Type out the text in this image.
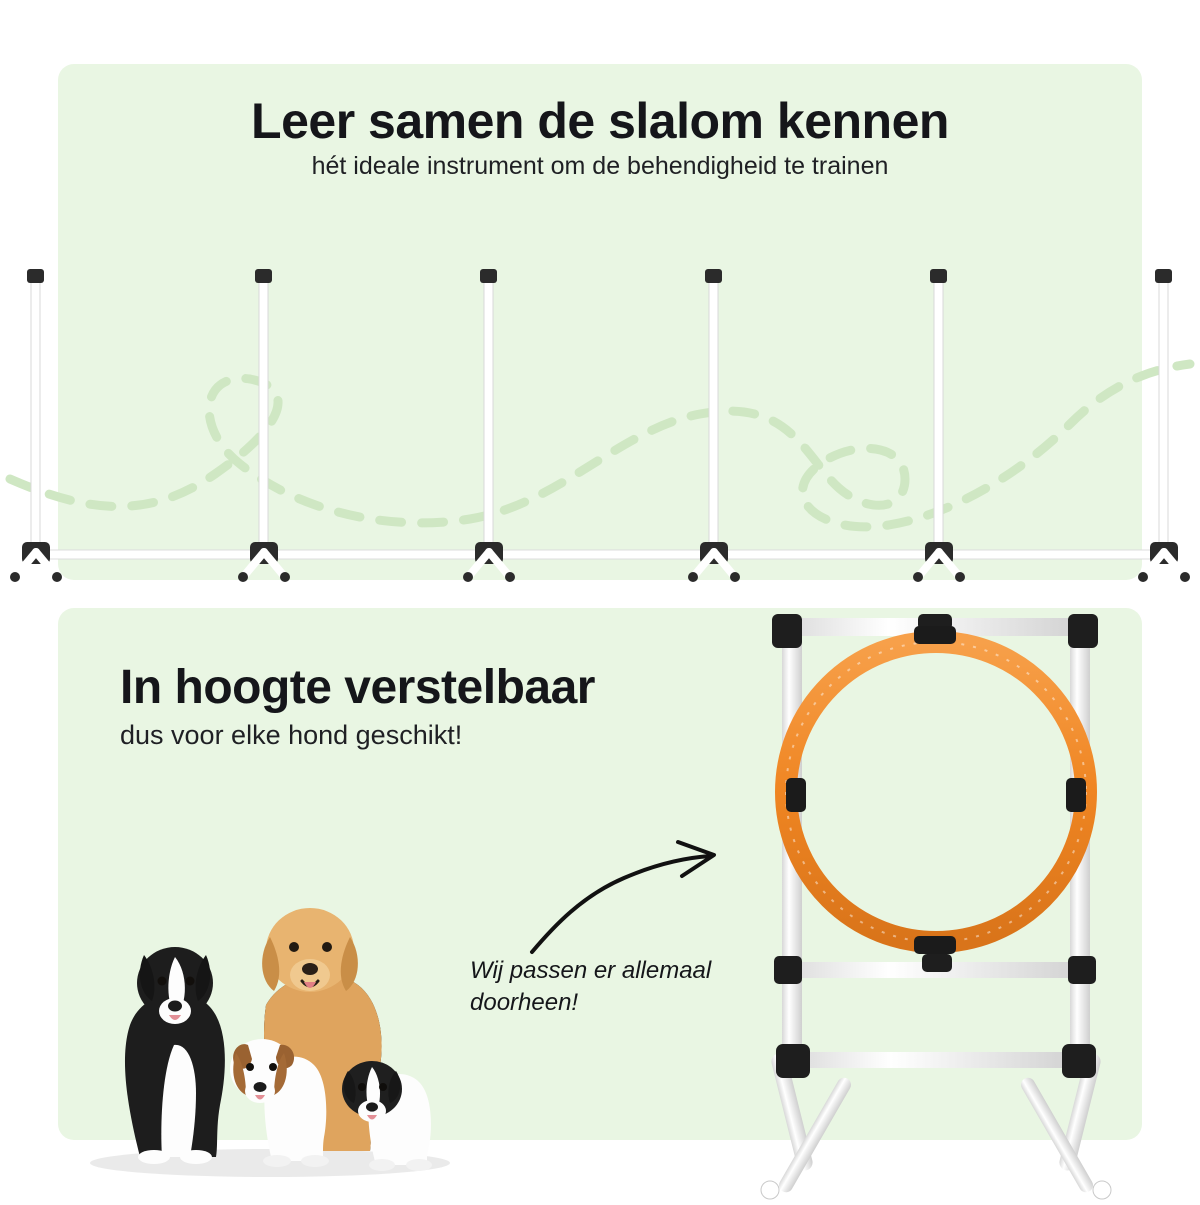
Leer samen de slalom kennen
hét ideale instrument om de behendigheid te trainen
In hoogte verstelbaar
dus voor elke hond geschikt!
Wij passen er allemaal doorheen!
